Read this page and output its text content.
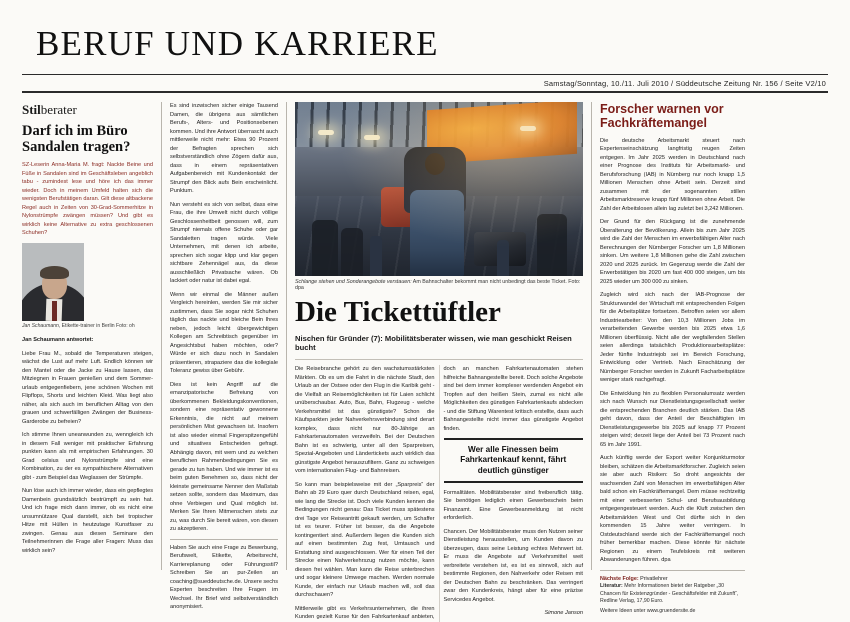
BERUF UND KARRIERE
Samstag/Sonntag, 10./11. Juli 2010 / Süddeutsche Zeitung Nr. 156 / Seite V2/10
Stilberater
Darf ich im Büro Sandalen tragen?

SZ-Leserin Anna-Maria M. fragt: Nackte Beine und Füße in Sandalen sind im Geschäftsleben angeblich tabu - zumindest lese und höre ich das immer wieder. Doch in meinem Umfeld halten sich die wenigsten Berufstätigen daran. Gilt diese altbackene Regel auch in Zeiten von 30-Grad-Sommerhitze in Nylonstrümpfe zwängen müssen? Und gibt es wirklich keine Alternative zu extra geschlossenen Schuhen?

Jan Schaumann, Etikette-trainer in Berlin Foto: oh

Jan Schaumann antwortet:

Liebe Frau M., sobald die Temperaturen steigen, wächst die Lust auf mehr Luft. Endlich können wir den Mantel oder die Jacke zu Hause lassen, das Mitziegnen in Frauen genießen und dem Sommer-urlaub entgegenfiebern, jene schönen Wochen mit Flipflops, Shorts und leichten Kleid. Was liegt also näher, als sich auch im beruflichen Alltag von den grauen und schwerfälligen Zwängen der Business-Garderobe zu befreien?

Ich stimme Ihnen uneanwunden zu, wenngleich ich in diesem Fall weniger mit praktischer Erfahrung punkten kann als mit empirischen Erfahrungen. 30 Grad celsius und Nylonstrümpfe sind eine Kombination, zu der es sympathischere Alternativen gibt - zum Beispiel das Weglassen der Strümpfe.

Nun löse auch ich immer wieder, dass ein gepflegtes Damenbein grundsätzlich bestrümpft zu sein hat. Und ich frage mich dann immer, ob es nicht eine unsumnützare Qual darstellt, sich bei tropischer Hitze mit Hüllen in heutzutage Kunstfaser zu zwingen. Genau aus diesen Seminare den Teilnehmerinnen die Frage aller Fragen: Muss das wirklich sein?

Es sind inzwischen sicher einige Tausend Damen, die übrigens aus sämtlichen Berufs-, Alters- und Positionsebenen kommen. Und ihre Antwort überrascht auch mittlerweile nicht mehr: Etwa 90 Prozent der Befragten sprechen sich selbstverständlich ohne Zögern dafür aus, dass in einem repräsentativen Aufgabenbereich mit Kundenkontakt der Strumpf den Blick aufs Bein erscheinlicht. Punktum.

Nun versteht es sich von selbst, dass eine Frau, die ihre Umwelt nicht durch völlige Geschlossenheitbeit genossen will, zum Strumpf niemals offene Schuhe oder gar Sandaletten tragen würde. Viele Unternehmen, mit denen ich arbeite, sprechen sich sogar klipp und klar gegen sichtbare Zehennägel aus, da diese ausschließlich Privatsache wären. Ob lackiert oder natur ist dabei egal.

Wenn wir einmal die Männer außen Vergleich hereinlen, werden Sie mir sicher zustimmen, dass Sie sogar nicht Schuhen täglich das nackte und bleiche Bein Ihres neben, jedoch leicht übergewichtigen Kollegen am Schreibtisch gegenüber im Angesichtsbut haben möchten, oder? Würde er sich dazu noch in Sandalen präsentieren, strapaziere das die kollegiale Toleranz gewiss über Gebühr.

Dies ist kein Angriff auf die emanzipatorische Befreiung von überkommenen Bekleidungskonventionen, sondern eine repräsentativ gewonnene Erkenntnis, die nicht auf meinem persönlichen Mist gewachsen ist. Insofern ist also wieder einmal Fingerspitzengefühl und situatives Entscheiden gefragt. Abhängig davon, mit wem und zu welchen beruflichen Rahmenbedingungen Sie es gerade zu tun haben. Und wie immer ist es beim guten Benehmen so, dass nicht der kleinste gemeinsame Nenner den Maßstab setzen sollte, sondern das Maximum, das ohne Verbiegen und Qual möglich ist. Merken Sie Ihren Mitmenschen stets zur zu, was durch Sie bereit wären, von diesen zu akzeptieren.

Haben Sie auch eine Frage zu Bewerbung, Berufswelt, Etikette, Arbeitsrecht, Karriereplanung oder Führungsstil? Schreiben Sie an pur-Zeilen an coaching@sueddeutsche.de. Unsere sechs Experten beschreiten Ihre Fragen im Wechsel. Ihr Brief wird selbstverständlich anonymisiert.

Schlange stehen und Sonderangebote verstauen: Am Bahnschalter bekommt man nicht unbedingt das beste Ticket. Foto: dpa
Die Tickettüftler
Nischen für Gründer (7): Mobilitätsberater wissen, wie man geschickt Reisen bucht

Die Reisebranche gehört zu den wachstumsstärksten Märkten. Ob es um die Fahrt in die nächste Stadt, den Urlaub an der Ostsee oder den Flug in die Karibik geht - die Vielfalt an Reisemöglichkeiten ist für Laien schlicht unüberschaubar. Auto, Bus, Bahn, Flugzeug - welche Verkehrsmittel ist das günstigste? Schon die Käufsparkten jeder Nahverkehrsverbindung sind derart komplex, dass nicht nur 80-Jährige an Fahrkartenautomaten verzweifeln. Bei der Deutschen Bahn ist es schwierig, unter all den Sparpreisen, Spezial-Angeboten und Ländertickets auch wirklich das günstigste Angebot herauszufiltern. Ganz zu schweigen vom internationalen Flug- und Bahnreisen.

So kann man beispielsweise mit der „Sparpreis“ der Bahn ab 29 Euro quer durch Deutschland reisen, egal, wie lang die Strecke ist. Doch viele Kunden kennen die Bedingungen nicht genau: Das Ticket muss spätestens drei Tage vor Reiseantritt gekauft werden, um Schaffer ist es teurer. Früher ist besser, da die Angebote kontingentiert sind. Außerdem liegen die Kunden sich auf einen bestimmten Zug fest, Umtausch und Erstattung sind ausgeschlossen. Wer für einen Teil der Strecke einen Nahverkehrszug nutzen möchte, kann diesen frei wählen. Man kann die Reise unterbrechen und sogar kleinere Umwege machen. Werden normale Kunde, der einfach nur Urlaub machen will, soll das durchschauen?

Mittlerweile gibt es Verkehrsunternehmen, die ihren Kunden gezielt Kurse für den Fahrkartenkauf anbieten, doch an manchen Fahrkartenautomaten stehen hilfreiche Bahnangestellte bereit. Doch solche Angebote sind bei dem immer komplexer werdenden Angebot ein Tropfen auf den heißen Stein, zumal es nicht alle Möglichkeiten des günstigen Fahrkartenkaufs abdecken - und die Stiftung Warentest kritisch erstellte, dass auch Bahnangestellte nicht immer das günstigste Angebot finden.

Wer alle Finessen beim Fahrkartenkauf kennt, fährt deutlich günstiger

Formalitäten. Mobilitätsberater sind freiberuflich tätig. Sie benötigen lediglich einen Gewerbeschein beim Finanzamt. Eine Gewerbeanmeldung ist nicht erforderlich.

Chancen. Der Mobilitätsberater muss den Nutzen seiner Dienstleistung herausstellen, um Kunden davon zu überzeugen, dass seine Leistung echtes Mehrwert ist. Er muss die Angebote auf Verkehrsmittel weit verbreitete verstehen ist, es ist es sinnvoll, sich auf bestimmte Regionen, den Nahverkehr oder Reisen mit der Deutschen Bahn zu beschränken. Das verringert zwar den Kundenkreis, hängt aber für eine präzise Servicedes Angebot.

Simone Janson

Forscher warnen vor Fachkräftemangel

Die deutsche Arbeitsmarkt steuert nach Expertenseinschätzung langfristig reugen Zeiten entgegen. Im Jahr 2025 werden in Deutschland nach einer Prognose des Instituts für Arbeitsmarkt- und Berufsforschung (IAB) in Nürnberg nur noch knapp 1,5 Millionen Menschen ohne Arbeit sein. Derzeit sind zusammen mit der sogenannten stillen Arbeitsmarktreserve knapp fünf Millionen ohne Arbeit. Die Zahl der Arbeitslosen allein lag zuletzt bei 3,242 Millionen.

Der Grund für den Rückgang ist die zunehmende Überalterung der Bevölkerung. Allein bis zum Jahr 2025 wird die Zahl der Menschen im erwerbsfähigen Alter nach Berechnungen der Nürnberger Forscher um 1,8 Millionen sinken. Um weitere 1,8 Millionen gehe die Zahl zwischen 2020 und 2025 zurück. Im Gegenzug werde die Zahl der Erwerbstätigen bis 2020 um fast 400 000 steigen, um bis 2025 wieder um 300 000 zu sinken.

Zugleich wird sich nach der IAB-Prognose der Strukturwandel der Wirtschaft mit entsprechenden Folgen für die Arbeitsplätze fortsetzen. Betroffen seien vor allem Industriearbeiter: Von den 10,3 Millionen Jobs im verarbeitenden Gewerbe werden bis 2025 etwa 1,6 Millionen überflüssig. Nicht alle der wegfallenden Stellen seien allerdings tatsächlich Produktionsarbeitsplätze: Jeder fünfte Industriejob sei im Bereich Forschung, Entwicklung oder Vertrieb. Nach Einschätzung der Nürnberger Forscher werden in Zukunft Facharbeitsplätze weniger stark nachgefragt.

Die Entwicklung hin zu flexiblen Personalumsatz werden sich nach Wunsch nur Dienstleistungsgesellschaft weiter die entsprechenden Branchen deutlich stärken. Das IAB geht davon, dass der Anteil der Beschäftigten im Dienstleistungsgewerbe bis 2025 auf knapp 77 Prozent steigen wird; derzeit liege der Anteil bei 73 Prozent nach 65 im Jahr 1991.

Auch künftig werde der Export weiter Konjunkturmotor bleiben, schätzen die Arbeitsmarktforscher. Zugleich seien sie aber auch Risiken: So droht angesichts der wachsenden Zahl von Menschen im erwerbsfähigen Alter bald schon ein Fachkräftemangel. Dem müsse rechtzeitig mit einer verbesserten Schul- und Berufsausbildung entgegengesteuert werden. Auch die Kluft zwischen den Arbeitsmärkten West und Ost dürfte sich in den kommenden 15 Jahre weiter verringern. In Ostdeutschland werde sich der Fachkräftemangel noch früher bemerkbar machen. Diese könnte für nächste Regionen zu einem Teufelskreis mit weiteren Abwanderungen führen. dpa

Nächste Folge: Privatlehrer
Literatur: Mehr Informationen bietet der Ratgeber „30 Chancen für Existenzgründer - Geschäftsfelder mit Zukunft“, Redline Verlag, 17,90 Euro.
Weitere Ideen unter www.gruendersite.de
